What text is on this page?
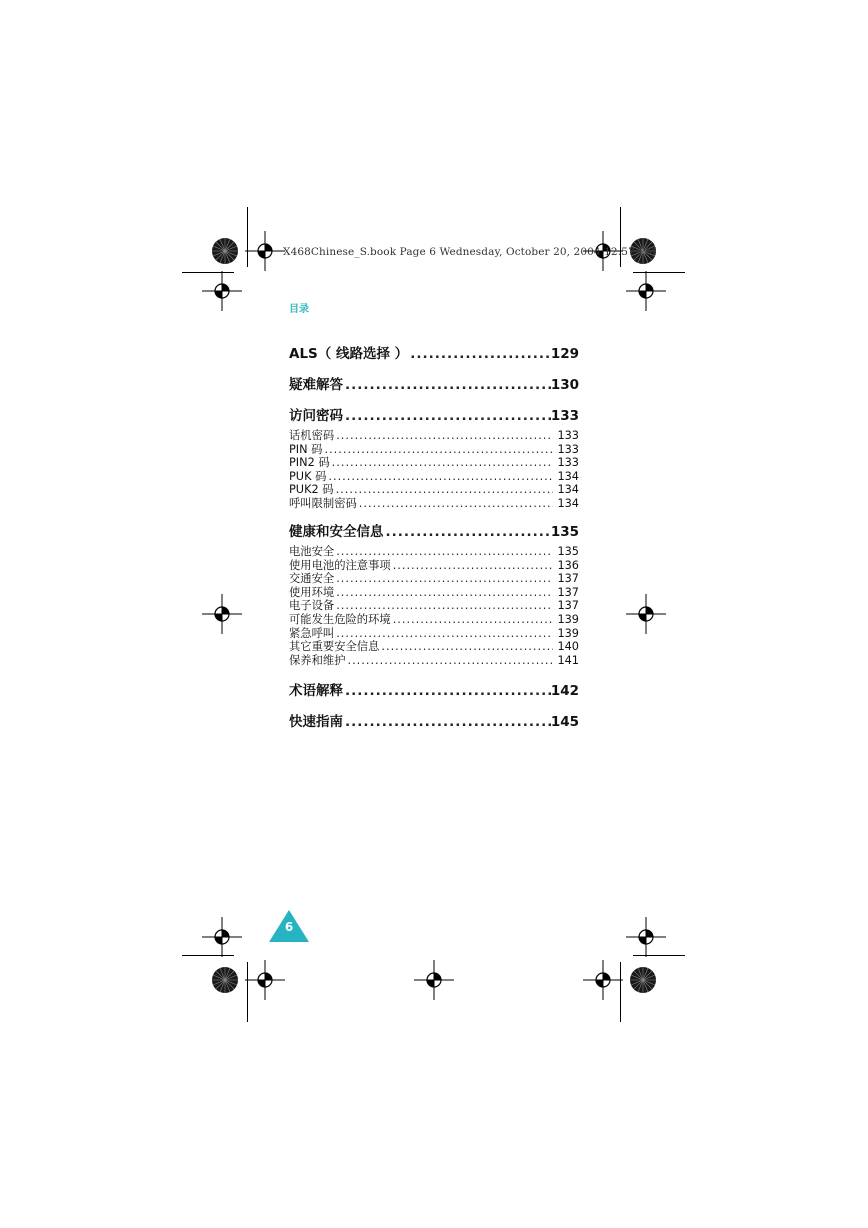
X468Chinese_S.book Page 6 Wednesday, October 20, 2004 12:57 PM
目录
ALS（ 线路选择 ） .....	129
疑难解答 .....	130
访问密码 .....	133
话机密码 .....	133
PIN 码 .....	133
PIN2 码 .....	133
PUK 码 .....	134
PUK2 码 .....	134
呼叫限制密码 .....	134
健康和安全信息 .....	135
电池安全 .....	135
使用电池的注意事项 .....	136
交通安全 .....	137
使用环境 .....	137
电子设备 .....	137
可能发生危险的环境 .....	139
紧急呼叫 .....	139
其它重要安全信息 .....	140
保养和维护 .....	141
术语解释 .....	142
快速指南 .....	145
6
